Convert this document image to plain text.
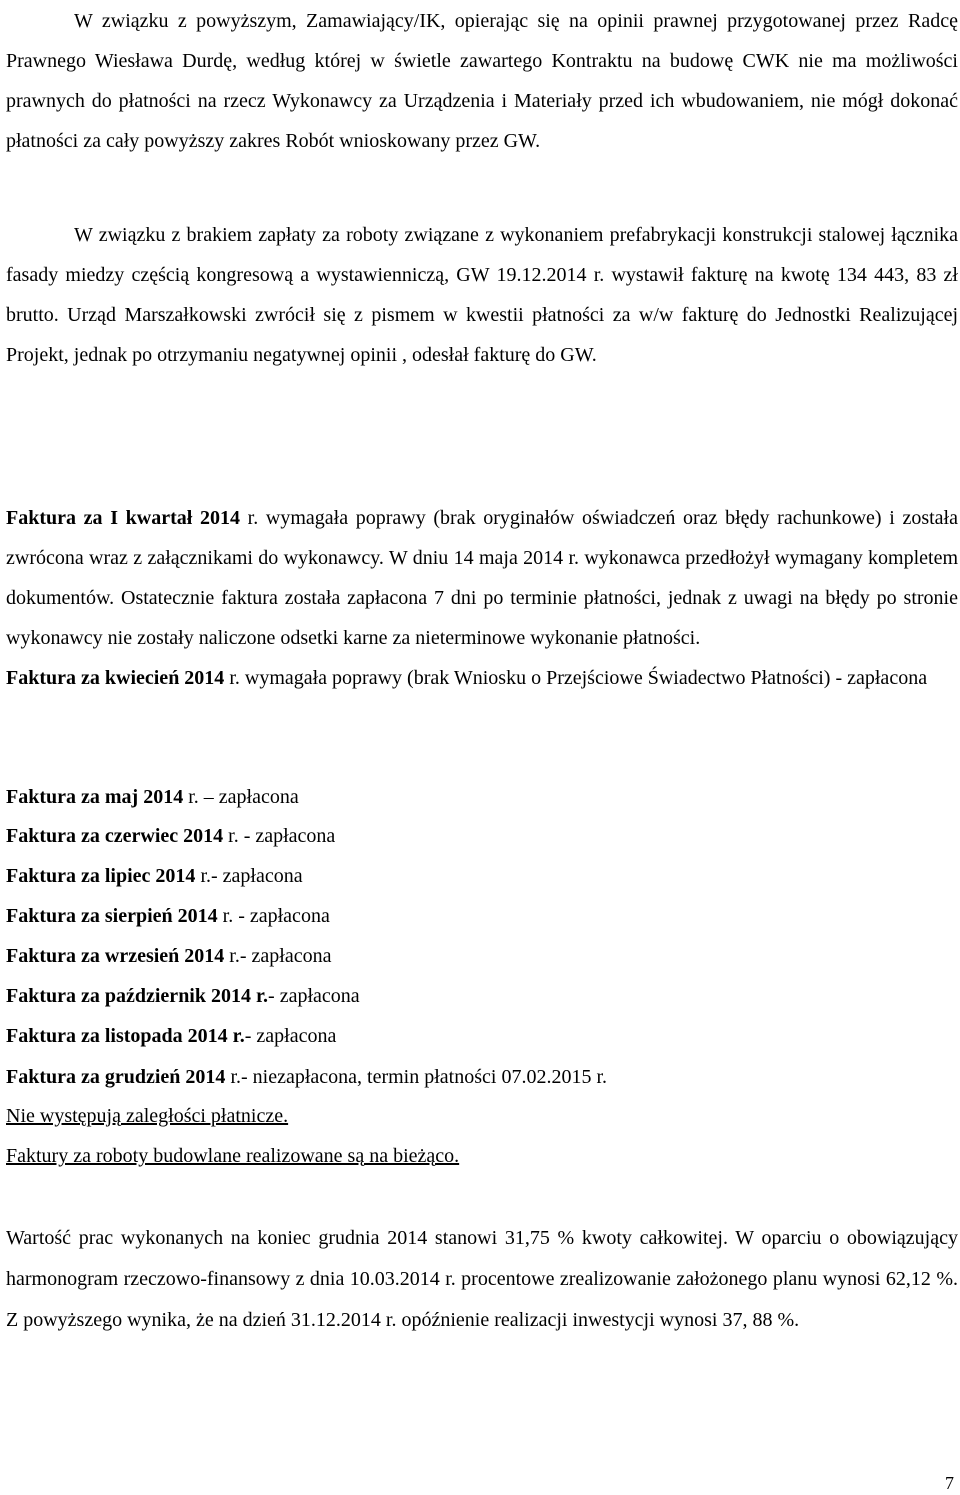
W związku z powyższym, Zamawiający/IK, opierając się na opinii prawnej przygotowanej przez Radcę Prawnego Wiesława Durdę, według której w świetle zawartego Kontraktu na budowę CWK nie ma możliwości prawnych do płatności na rzecz Wykonawcy za Urządzenia i Materiały przed ich wbudowaniem, nie mógł dokonać płatności za cały powyższy zakres Robót wnioskowany przez GW.

W związku z brakiem zapłaty za roboty związane z wykonaniem prefabrykacji konstrukcji stalowej łącznika fasady miedzy częścią kongresową a wystawienniczą, GW 19.12.2014 r. wystawił fakturę na kwotę 134 443, 83 zł brutto. Urząd Marszałkowski zwrócił się z pismem w kwestii płatności za w/w fakturę do Jednostki Realizującej Projekt, jednak po otrzymaniu negatywnej opinii , odesłał fakturę do GW.

Faktura za I kwartał 2014 r. wymagała poprawy (brak oryginałów oświadczeń oraz błędy rachunkowe) i została zwrócona wraz z załącznikami do wykonawcy. W dniu 14 maja 2014 r. wykonawca przedłożył wymagany kompletem dokumentów. Ostatecznie faktura została zapłacona 7 dni po terminie płatności, jednak z uwagi na błędy po stronie wykonawcy nie zostały naliczone odsetki karne za nieterminowe wykonanie płatności.
Faktura za kwiecień 2014 r. wymagała poprawy (brak Wniosku o Przejściowe Świadectwo Płatności) - zapłacona

Faktura za maj 2014 r. – zapłacona
Faktura za czerwiec 2014 r. - zapłacona
Faktura za lipiec 2014 r.- zapłacona
Faktura za sierpień 2014 r. - zapłacona
Faktura za wrzesień 2014 r.- zapłacona
Faktura za październik 2014 r.- zapłacona
Faktura za listopada 2014 r.- zapłacona
Faktura za grudzień 2014 r.- niezapłacona, termin płatności 07.02.2015 r.
Nie występują zaległości płatnicze.
Faktury za roboty budowlane realizowane są na bieżąco.

Wartość prac wykonanych na koniec grudnia 2014 stanowi 31,75 % kwoty całkowitej. W oparciu o obowiązujący harmonogram rzeczowo-finansowy z dnia 10.03.2014 r. procentowe zrealizowanie założonego planu wynosi 62,12 %. Z powyższego wynika, że na dzień 31.12.2014 r. opóźnienie realizacji inwestycji wynosi 37, 88 %.

7
